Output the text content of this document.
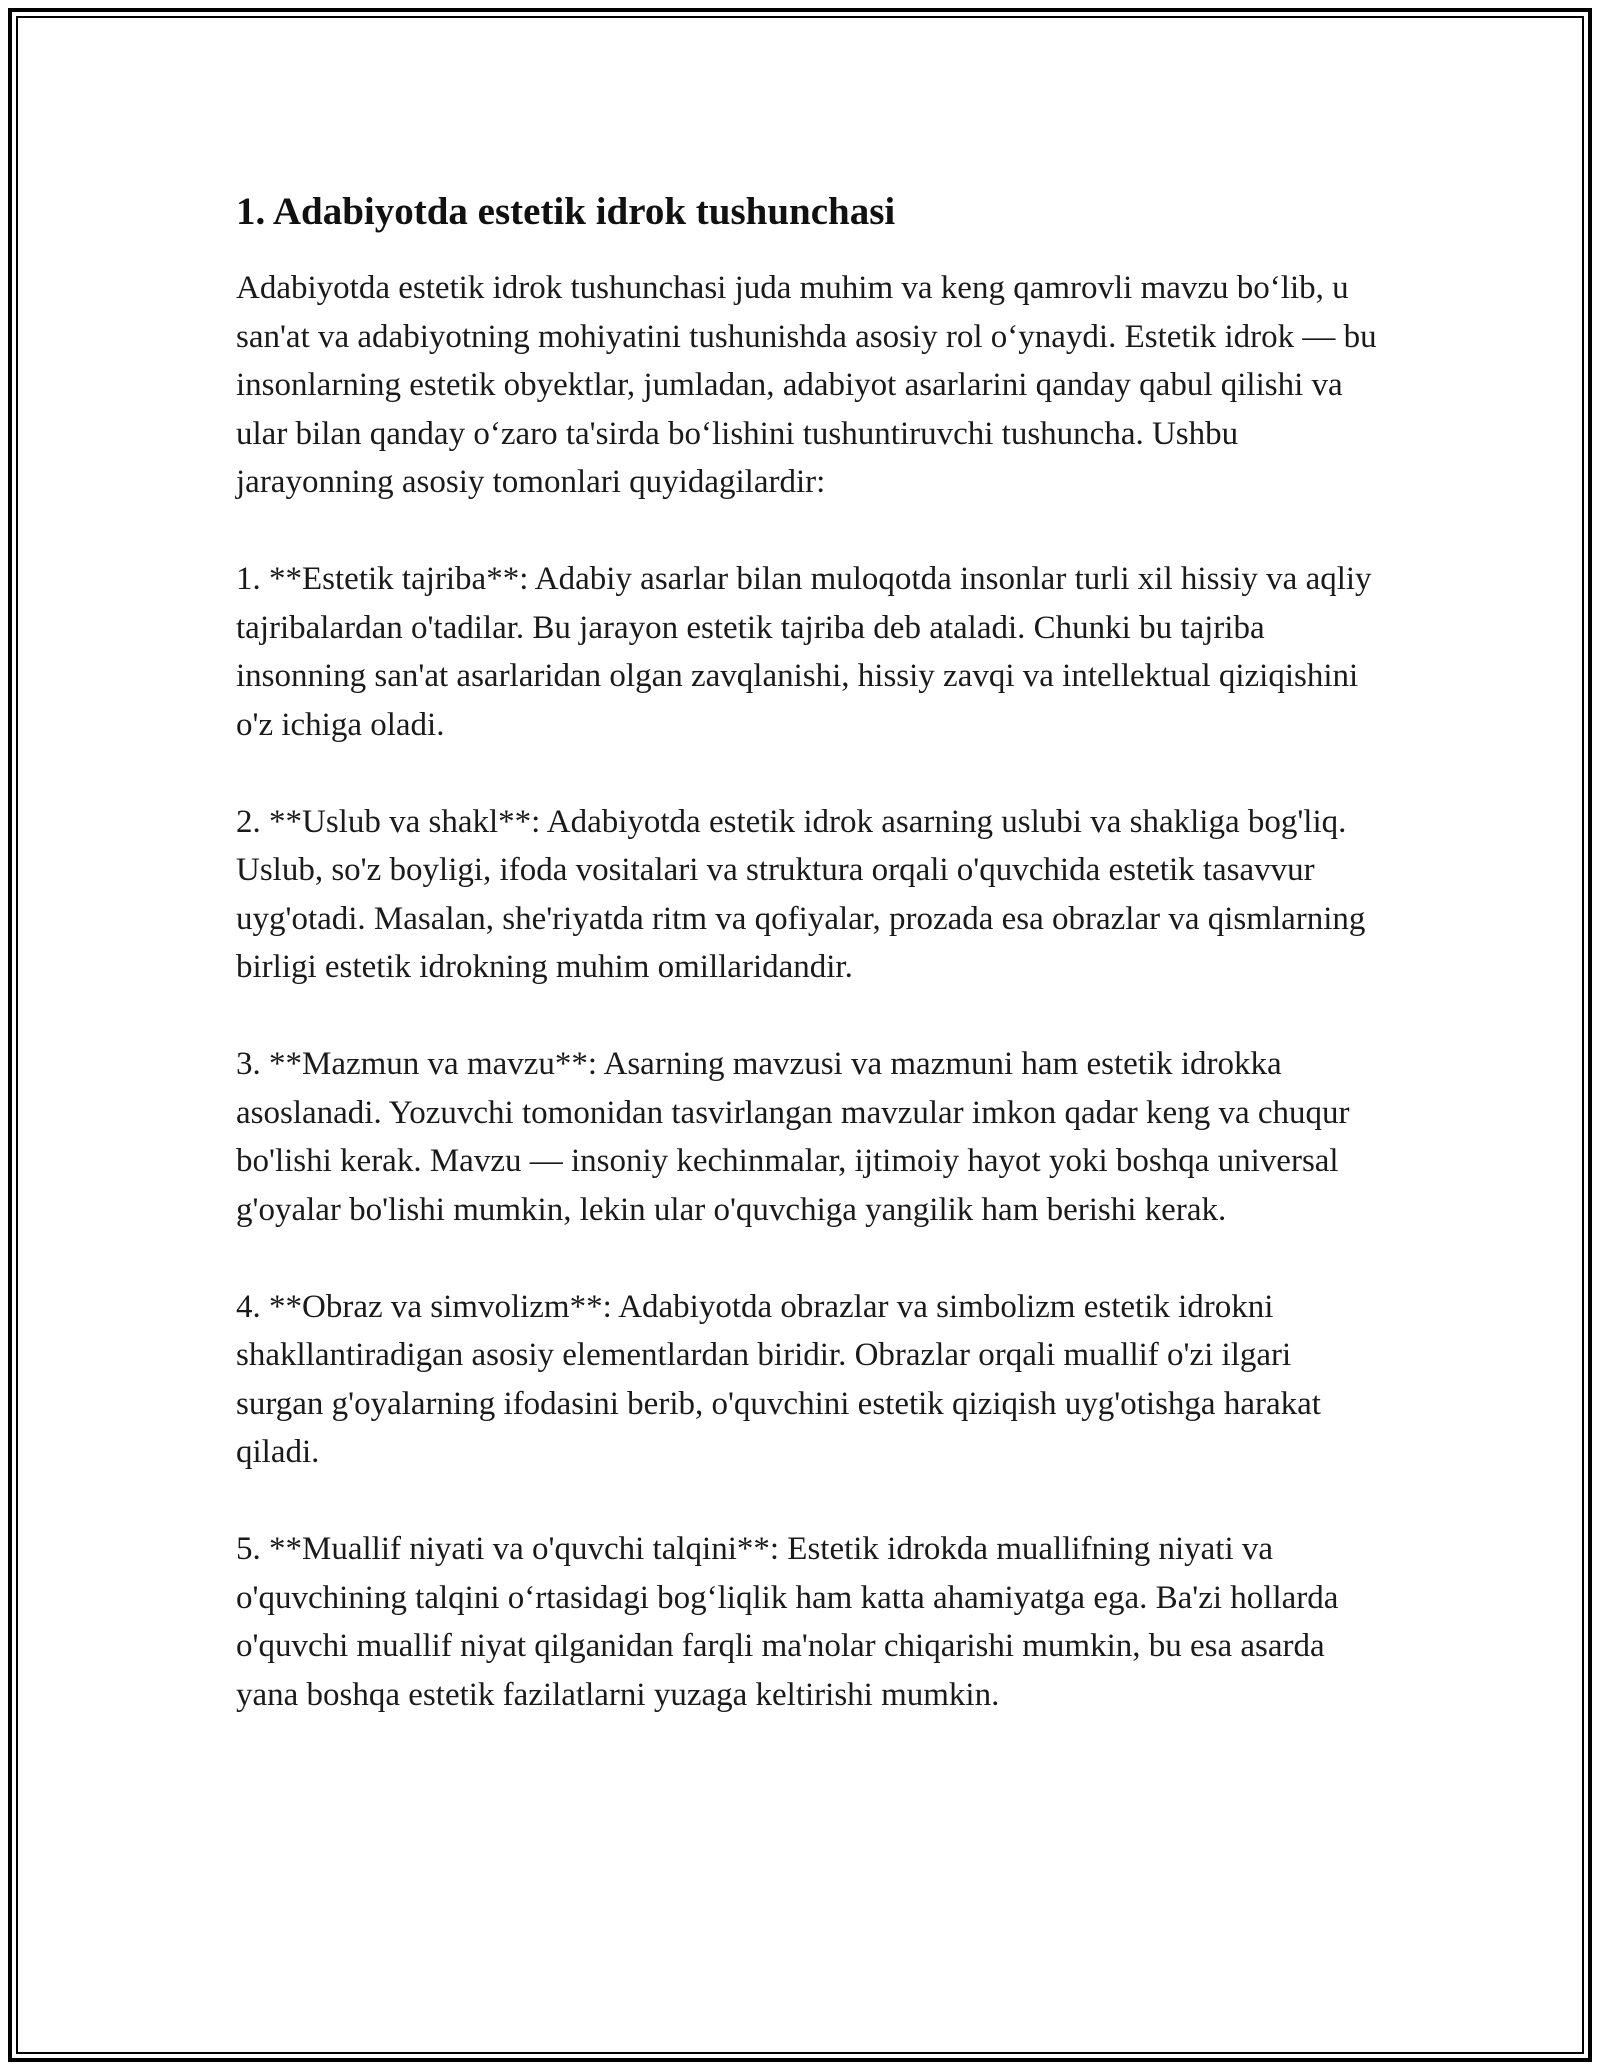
1. Adabiyotda estetik idrok tushunchasi

Adabiyotda estetik idrok tushunchasi juda muhim va keng qamrovli mavzu bo‘lib, u san'at va adabiyotning mohiyatini tushunishda asosiy rol o‘ynaydi. Estetik idrok — bu insonlarning estetik obyektlar, jumladan, adabiyot asarlarini qanday qabul qilishi va ular bilan qanday o‘zaro ta'sirda bo‘lishini tushuntiruvchi tushuncha. Ushbu jarayonning asosiy tomonlari quyidagilardir:

1. **Estetik tajriba**: Adabiy asarlar bilan muloqotda insonlar turli xil hissiy va aqliy tajribalardan o'tadilar. Bu jarayon estetik tajriba deb ataladi. Chunki bu tajriba insonning san'at asarlaridan olgan zavqlanishi, hissiy zavqi va intellektual qiziqishini o'z ichiga oladi.

2. **Uslub va shakl**: Adabiyotda estetik idrok asarning uslubi va shakliga bog'liq. Uslub, so'z boyligi, ifoda vositalari va struktura orqali o'quvchida estetik tasavvur uyg'otadi. Masalan, she'riyatda ritm va qofiyalar, prozada esa obrazlar va qismlarning birligi estetik idrokning muhim omillaridandir.

3. **Mazmun va mavzu**: Asarning mavzusi va mazmuni ham estetik idrokka asoslanadi. Yozuvchi tomonidan tasvirlangan mavzular imkon qadar keng va chuqur bo'lishi kerak. Mavzu — insoniy kechinmalar, ijtimoiy hayot yoki boshqa universal g'oyalar bo'lishi mumkin, lekin ular o'quvchiga yangilik ham berishi kerak.

4. **Obraz va simvolizm**: Adabiyotda obrazlar va simbolizm estetik idrokni shakllantiradigan asosiy elementlardan biridir. Obrazlar orqali muallif o'zi ilgari surgan g'oyalarning ifodasini berib, o'quvchini estetik qiziqish uyg'otishga harakat qiladi.

5. **Muallif niyati va o'quvchi talqini**: Estetik idrokda muallifning niyati va o'quvchining talqini o‘rtasidagi bog‘liqlik ham katta ahamiyatga ega. Ba'zi hollarda o'quvchi muallif niyat qilganidan farqli ma'nolar chiqarishi mumkin, bu esa asarda yana boshqa estetik fazilatlarni yuzaga keltirishi mumkin.
